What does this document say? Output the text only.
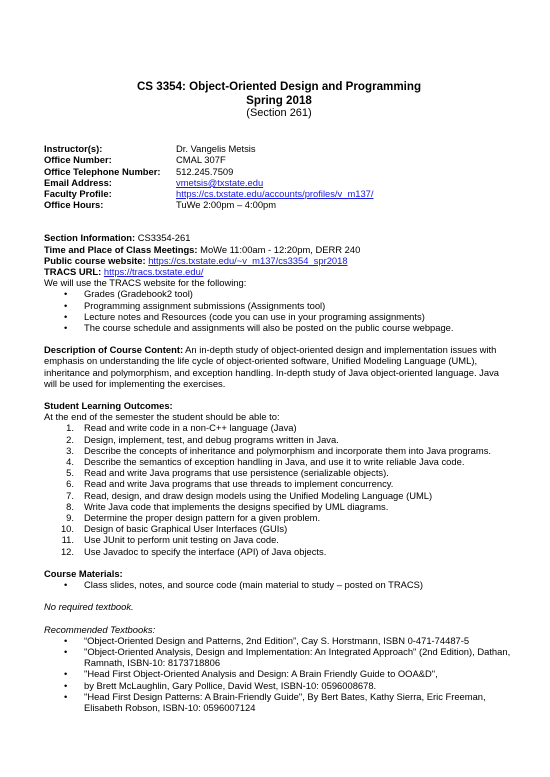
CS 3354: Object-Oriented Design and Programming
Spring 2018
(Section 261)
Instructor(s):	Dr. Vangelis Metsis
Office Number:	CMAL 307F
Office Telephone Number:	512.245.7509
Email Address:	vmetsis@txstate.edu
Faculty Profile:	https://cs.txstate.edu/accounts/profiles/v_m137/
Office Hours:	TuWe 2:00pm – 4:00pm
Section Information: CS3354-261
Time and Place of Class Meetings: MoWe 11:00am - 12:20pm, DERR 240
Public course website: https://cs.txstate.edu/~v_m137/cs3354_spr2018
TRACS URL: https://tracs.txstate.edu/
We will use the TRACS website for the following:
• Grades (Gradebook2 tool)
• Programming assignment submissions (Assignments tool)
• Lecture notes and Resources (code you can use in your programing assignments)
• The course schedule and assignments will also be posted on the public course webpage.

Description of Course Content: An in-depth study of object-oriented design and implementation issues with emphasis on understanding the life cycle of object-oriented software, Unified Modeling Language (UML), inheritance and polymorphism, and exception handling. In-depth study of Java object-oriented language. Java will be used for implementing the exercises.

Student Learning Outcomes:
At the end of the semester the student should be able to:
1. Read and write code in a non-C++ language (Java)
2. Design, implement, test, and debug programs written in Java.
3. Describe the concepts of inheritance and polymorphism and incorporate them into Java programs.
4. Describe the semantics of exception handling in Java, and use it to write reliable Java code.
5. Read and write Java programs that use persistence (serializable objects).
6. Read and write Java programs that use threads to implement concurrency.
7. Read, design, and draw design models using the Unified Modeling Language (UML)
8. Write Java code that implements the designs specified by UML diagrams.
9. Determine the proper design pattern for a given problem.
10. Design of basic Graphical User Interfaces (GUIs)
11. Use JUnit to perform unit testing on Java code.
12. Use Javadoc to specify the interface (API) of Java objects.
Course Materials:
• Class slides, notes, and source code (main material to study – posted on TRACS)
No required textbook.
Recommended Textbooks:
• “Object-Oriented Design and Patterns, 2nd Edition”, Cay S. Horstmann, ISBN 0-471-74487-5
• "Object-Oriented Analysis, Design and Implementation: An Integrated Approach" (2nd Edition), Dathan, Ramnath, ISBN-10: 8173718806
• "Head First Object-Oriented Analysis and Design: A Brain Friendly Guide to OOA&D",
• by Brett McLaughlin, Gary Pollice, David West, ISBN-10: 0596008678.
• "Head First Design Patterns: A Brain-Friendly Guide", By Bert Bates, Kathy Sierra, Eric Freeman, Elisabeth Robson, ISBN-10: 0596007124
